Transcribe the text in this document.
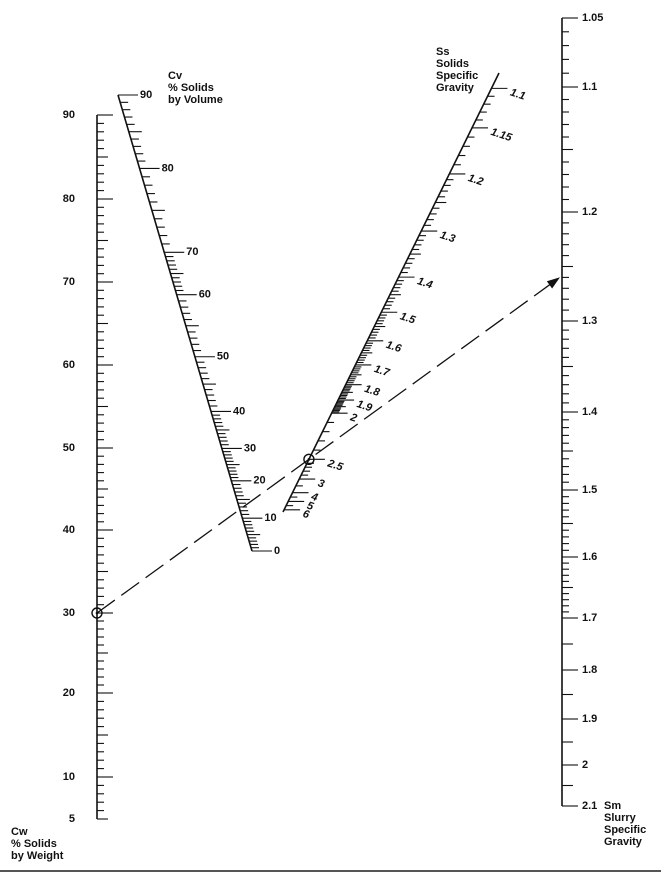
90
80
70
60
50
40
30
20
10
5
90
80
70
60
50
40
30
20
10
0
1.1
1.15
1.2
1.3
1.4
1.5
1.6
1.7
1.8
1.9
2
2.5
3
4
5
6
1.05
1.1
1.2
1.3
1.4
1.5
1.6
1.7
1.8
1.9
2
2.1
Cw
% Solids
by Weight
Cv
% Solids
by Volume
Ss
Solids
Specific
Gravity
Sm
Slurry
Specific
Gravity
